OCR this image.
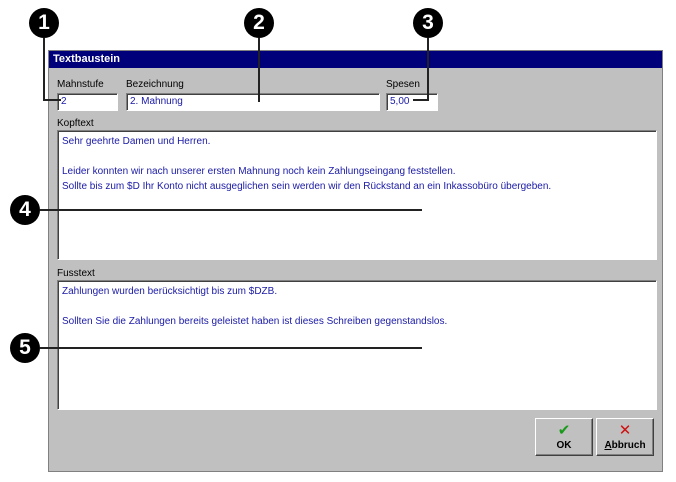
1	2	3
4
5
Textbaustein
Mahnstufe Bezeichnung	Spesen
2	2. Mahnung	5,00
Kopftext
Sehr geehrte Damen und Herren.
Leider konnten wir nach unserer ersten Mahnung noch kein Zahlungseingang feststellen.
Sollte bis zum $D Ihr Konto nicht ausgeglichen sein werden wir den Rückstand an ein Inkassobüro übergeben.
Fusstext
Zahlungen wurden berücksichtigt bis zum $DZB.
Sollten Sie die Zahlungen bereits geleistet haben ist dieses Schreiben gegenstandslos.
✔
OK
✕
Abbruch
